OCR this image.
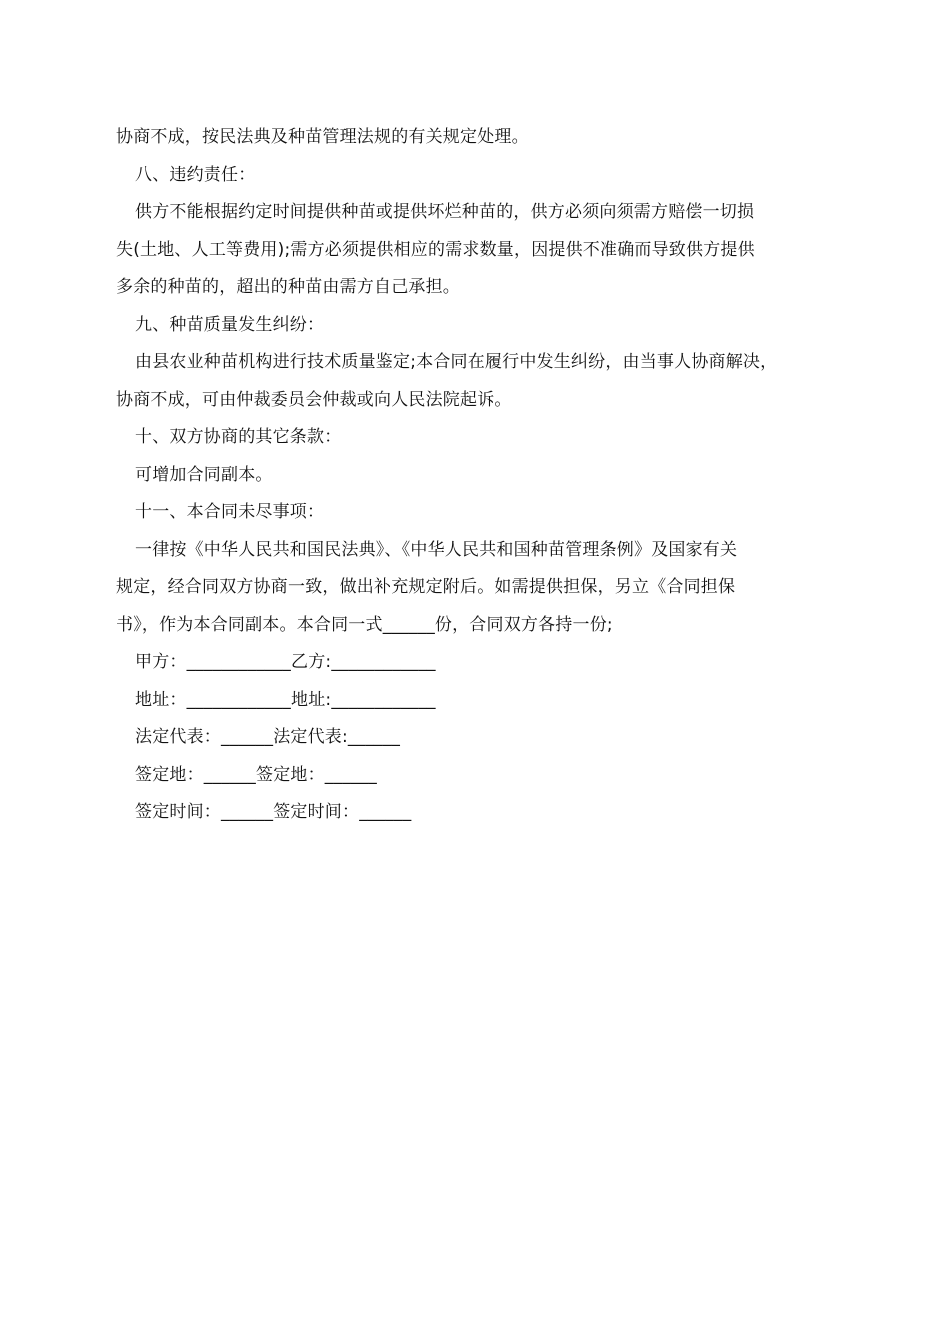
协商不成，按民法典及种苗管理法规的有关规定处理。
八、违约责任：
供方不能根据约定时间提供种苗或提供坏烂种苗的，供方必须向须需方赔偿一切损
失(土地、人工等费用);需方必须提供相应的需求数量，因提供不准确而导致供方提供
多余的种苗的，超出的种苗由需方自己承担。
九、种苗质量发生纠纷：
由县农业种苗机构进行技术质量鉴定;本合同在履行中发生纠纷，由当事人协商解决，
协商不成，可由仲裁委员会仲裁或向人民法院起诉。
十、双方协商的其它条款：
可增加合同副本。
十一、本合同未尽事项：
一律按《中华人民共和国民法典》、《中华人民共和国种苗管理条例》及国家有关
规定，经合同双方协商一致，做出补充规定附后。如需提供担保，另立《合同担保
书》，作为本合同副本。本合同一式______份，合同双方各持一份;
甲方：____________乙方:____________
地址：____________地址:____________
法定代表：______法定代表:______
签定地：______签定地：______
签定时间：______签定时间：______
